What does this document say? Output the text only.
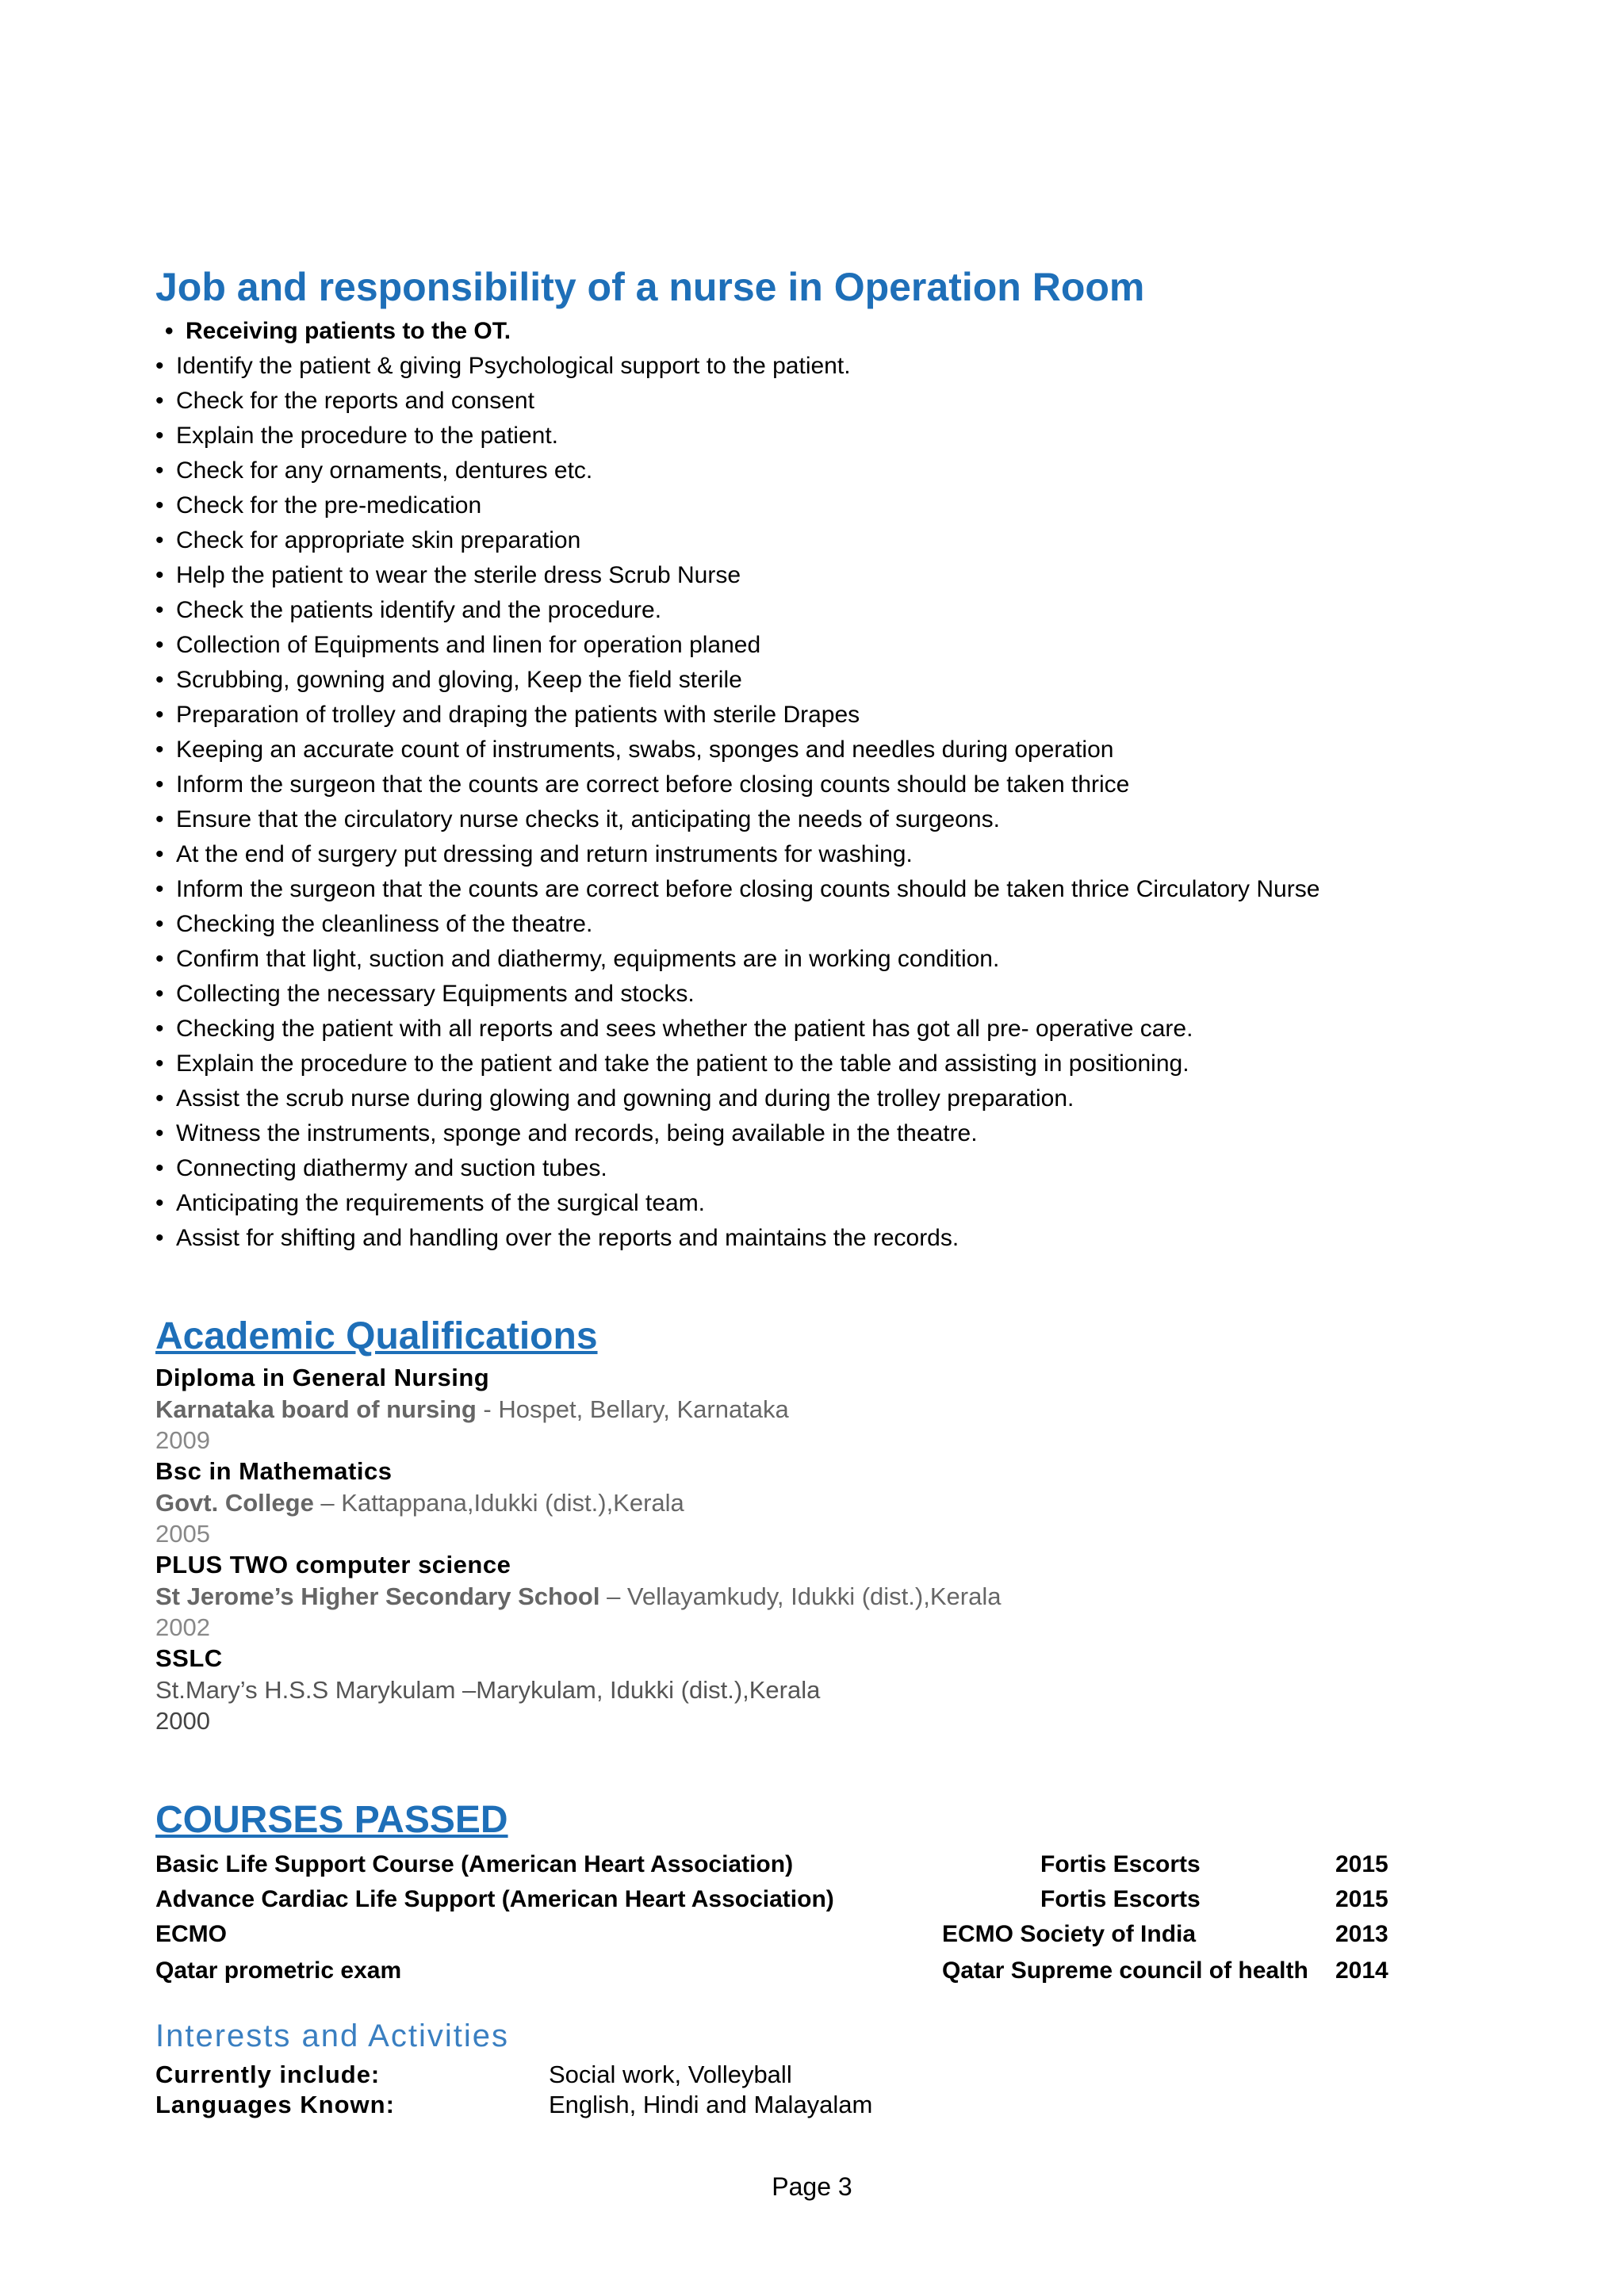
Job and responsibility of a nurse in Operation Room
• Receiving patients to the OT.
• Identify the patient & giving Psychological support to the patient.
• Check for the reports and consent
• Explain the procedure to the patient.
• Check for any ornaments, dentures etc.
• Check for the pre-medication
• Check for appropriate skin preparation
• Help the patient to wear the sterile dress Scrub Nurse
• Check the patients identify and the procedure.
• Collection of Equipments and linen for operation planed
• Scrubbing, gowning and gloving, Keep the field sterile
• Preparation of trolley and draping the patients with sterile Drapes
• Keeping an accurate count of instruments, swabs, sponges and needles during operation
• Inform the surgeon that the counts are correct before closing counts should be taken thrice
• Ensure that the circulatory nurse checks it, anticipating the needs of surgeons.
• At the end of surgery put dressing and return instruments for washing.
• Inform the surgeon that the counts are correct before closing counts should be taken thrice Circulatory Nurse
• Checking the cleanliness of the theatre.
• Confirm that light, suction and diathermy, equipments are in working condition.
• Collecting the necessary Equipments and stocks.
• Checking the patient with all reports and sees whether the patient has got all pre- operative care.
• Explain the procedure to the patient and take the patient to the table and assisting in positioning.
• Assist the scrub nurse during glowing and gowning and during the trolley preparation.
• Witness the instruments, sponge and records, being available in the theatre.
• Connecting diathermy and suction tubes.
• Anticipating the requirements of the surgical team.
• Assist for shifting and handling over the reports and maintains the records.
Academic Qualifications
Diploma in General Nursing
Karnataka board of nursing - Hospet, Bellary, Karnataka
2009
Bsc in Mathematics
Govt. College – Kattappana,Idukki (dist.),Kerala
2005
PLUS TWO computer science
St Jerome’s Higher Secondary School – Vellayamkudy, Idukki (dist.),Kerala
2002
SSLC
St.Mary’s H.S.S Marykulam –Marykulam, Idukki (dist.),Kerala
2000
COURSES PASSED
Basic Life Support Course (American Heart Association)	Fortis Escorts	2015
Advance Cardiac Life Support (American Heart Association)	Fortis Escorts	2015
ECMO	ECMO Society of India	2013
Qatar prometric exam	Qatar Supreme council of health 2014
Interests and Activities
Currently include:	Social work, Volleyball
Languages Known:	English, Hindi and Malayalam
Page 3
